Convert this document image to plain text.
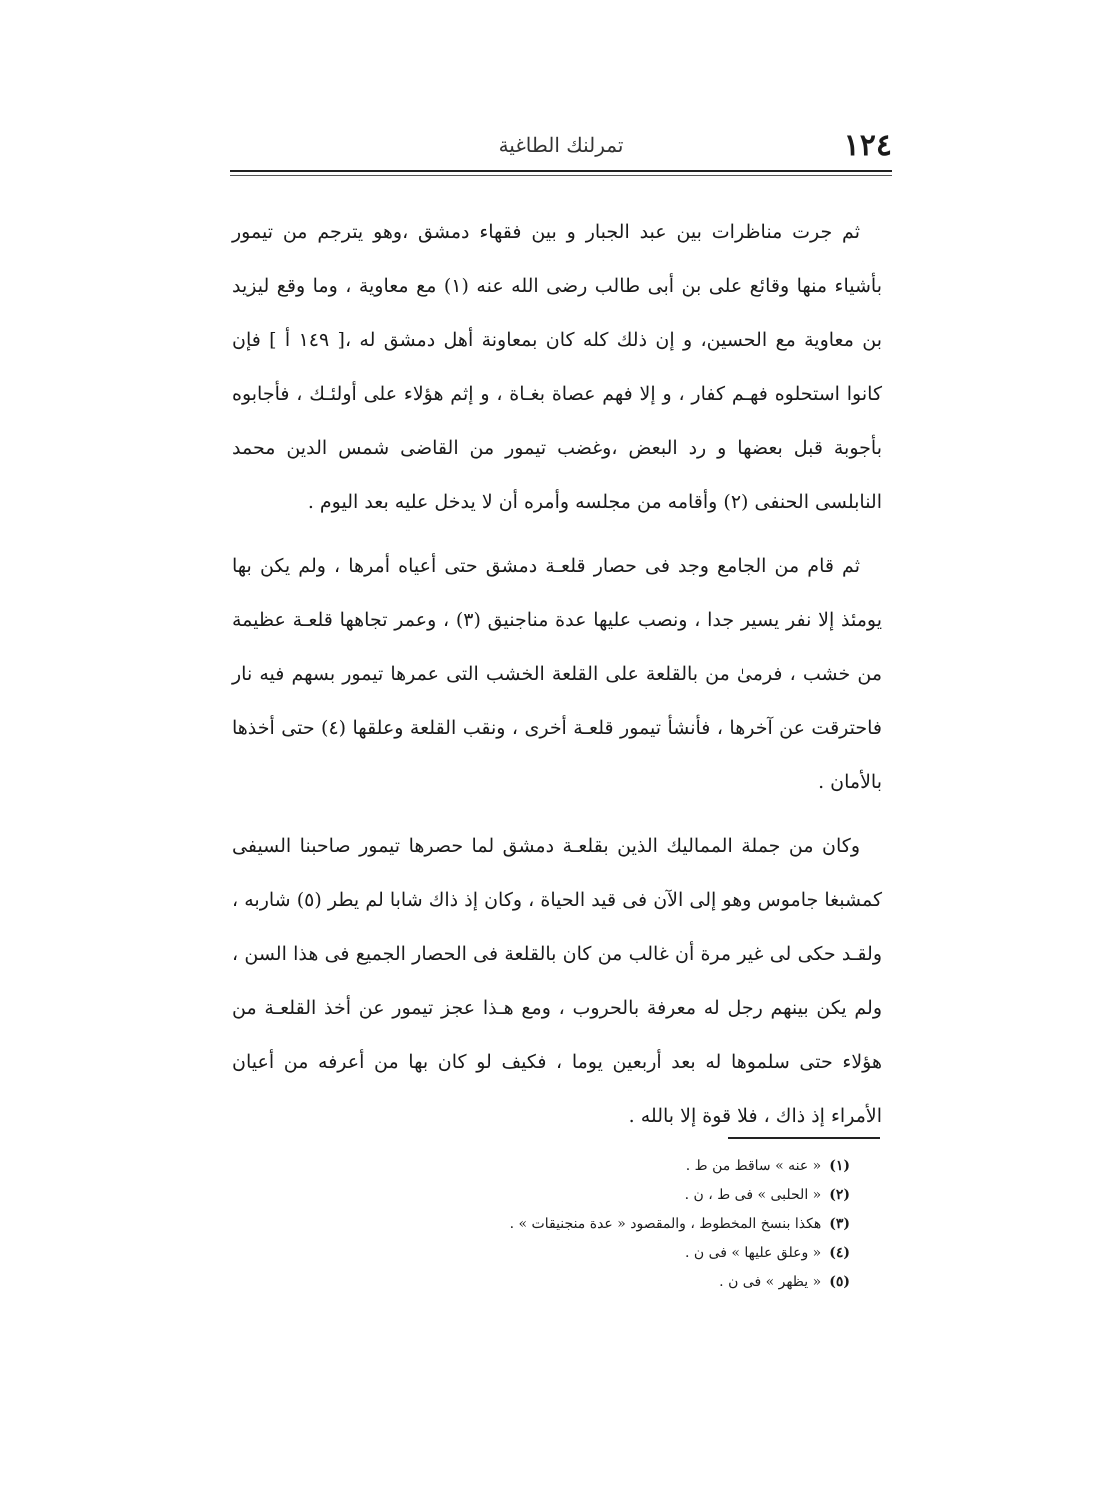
١٢٤
تمرلنك الطاغية

ثم جرت مناظرات بين عبد الجبار و بين فقهاء دمشق ،وهو يترجم من تيمور بأشياء منها وقائع على بن أبى طالب رضى الله عنه (١) مع معاوية ، وما وقع ليزيد بن معاوية مع الحسين، و إن ذلك كله كان بمعاونة أهل دمشق له ،[ ١٤٩ أ ] فإن كانوا استحلوه فهـم كفار ، و إلا فهم عصاة بغـاة ، و إثم هؤلاء على أولئـك ، فأجابوه بأجوبة قبل بعضها و رد البعض ،وغضب تيمور من القاضى شمس الدين محمد النابلسى الحنفى (٢) وأقامه من مجلسه وأمره أن لا يدخل عليه بعد اليوم .

ثم قام من الجامع وجد فى حصار قلعـة دمشق حتى أعياه أمرها ، ولم يكن بها يومئذ إلا نفر يسير جدا ، ونصب عليها عدة مناجنيق (٣) ، وعمر تجاهها قلعـة عظيمة من خشب ، فرمىٰ من بالقلعة على القلعة الخشب التى عمرها تيمور بسهم فيه نار فاحترقت عن آخرها ، فأنشأ تيمور قلعـة أخرى ، ونقب القلعة وعلقها (٤) حتى أخذها بالأمان .

وكان من جملة المماليك الذين بقلعـة دمشق لما حصرها تيمور صاحبنا السيفى كمشبغا جاموس وهو إلى الآن فى قيد الحياة ، وكان إذ ذاك شابا لم يطر (٥) شاربه ، ولقـد حكى لى غير مرة أن غالب من كان بالقلعة فى الحصار الجميع فى هذا السن ، ولم يكن بينهم رجل له معرفة بالحروب ، ومع هـذا عجز تيمور عن أخذ القلعـة من هؤلاء حتى سلموها له بعد أربعين يوما ، فكيف لو كان بها من أعرفه من أعيان الأمراء إذ ذاك ، فلا قوة إلا بالله .

(١)« عنه » ساقط من ط .
(٢)« الحلبى » فى ط ، ن .
(٣)هكذا بنسخ المخطوط ، والمقصود « عدة منجنيقات » .
(٤)« وعلق عليها » فى ن .
(٥)« يظهر » فى ن .
